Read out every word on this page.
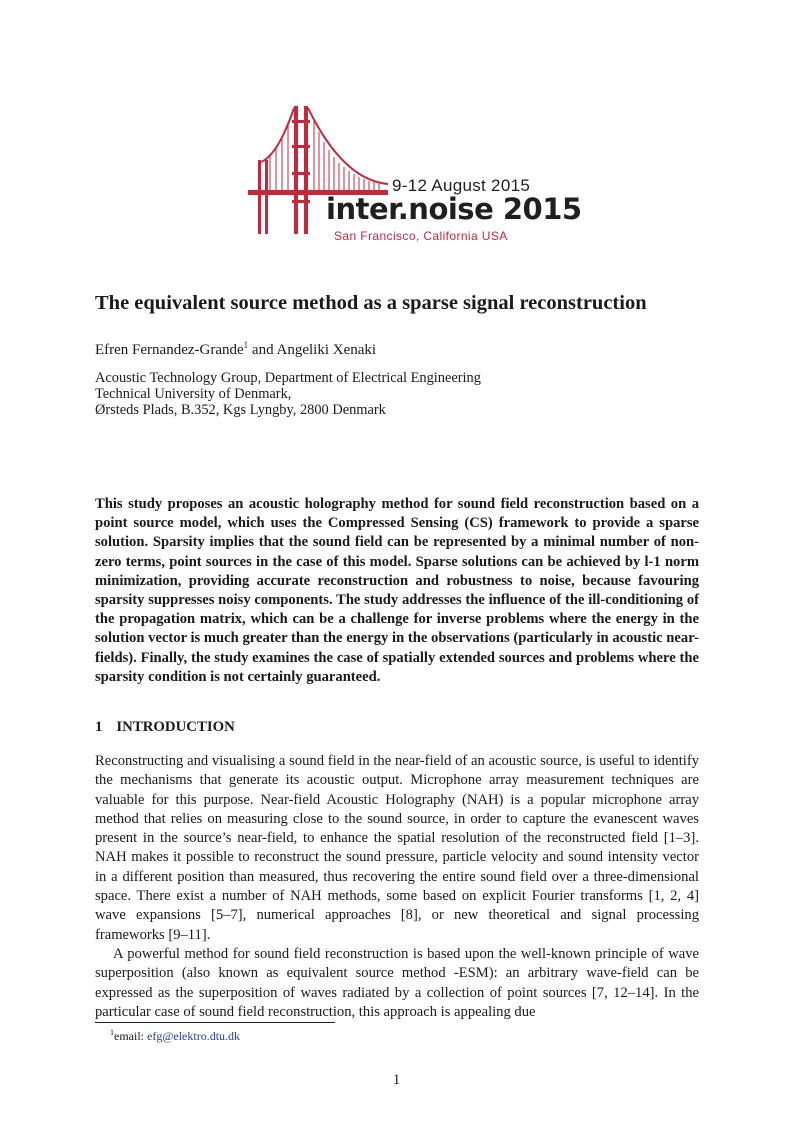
9-12 August 2015
inter.noise 2015
San Francisco, California USA
The equivalent source method as a sparse signal reconstruction
Efren Fernandez-Grande$^1$ and Angeliki Xenaki
Acoustic Technology Group, Department of Electrical Engineering
Technical University of Denmark,
Ørsteds Plads, B.352, Kgs Lyngby, 2800 Denmark
This study proposes an acoustic holography method for sound field reconstruction based on a point source model, which uses the Compressed Sensing (CS) framework to provide a sparse solution. Sparsity implies that the sound field can be represented by a minimal number of non-zero terms, point sources in the case of this model. Sparse solutions can be achieved by l-1 norm minimization, providing accurate reconstruction and robustness to noise, because favouring sparsity suppresses noisy components. The study addresses the influence of the ill-conditioning of the propagation matrix, which can be a challenge for inverse problems where the energy in the solution vector is much greater than the energy in the observations (particularly in acoustic near-fields). Finally, the study examines the case of spatially extended sources and problems where the sparsity condition is not certainly guaranteed.
1 INTRODUCTION

Reconstructing and visualising a sound field in the near-field of an acoustic source, is useful to identify the mechanisms that generate its acoustic output. Microphone array measurement techniques are valuable for this purpose. Near-field Acoustic Holography (NAH) is a popular microphone array method that relies on measuring close to the sound source, in order to capture the evanescent waves present in the source’s near-field, to enhance the spatial resolution of the reconstructed field [1–3]. NAH makes it possible to reconstruct the sound pressure, particle velocity and sound intensity vector in a different position than measured, thus recovering the entire sound field over a three-dimensional space. There exist a number of NAH methods, some based on explicit Fourier transforms [1, 2, 4] wave expansions [5–7], numerical approaches [8], or new theoretical and signal processing frameworks [9–11].

A powerful method for sound field reconstruction is based upon the well-known principle of wave superposition (also known as equivalent source method -ESM): an arbitrary wave-field can be expressed as the superposition of waves radiated by a collection of point sources [7, 12–14]. In the particular case of sound field reconstruction, this approach is appealing due

$^1$email: efg@elektro.dtu.dk
1
